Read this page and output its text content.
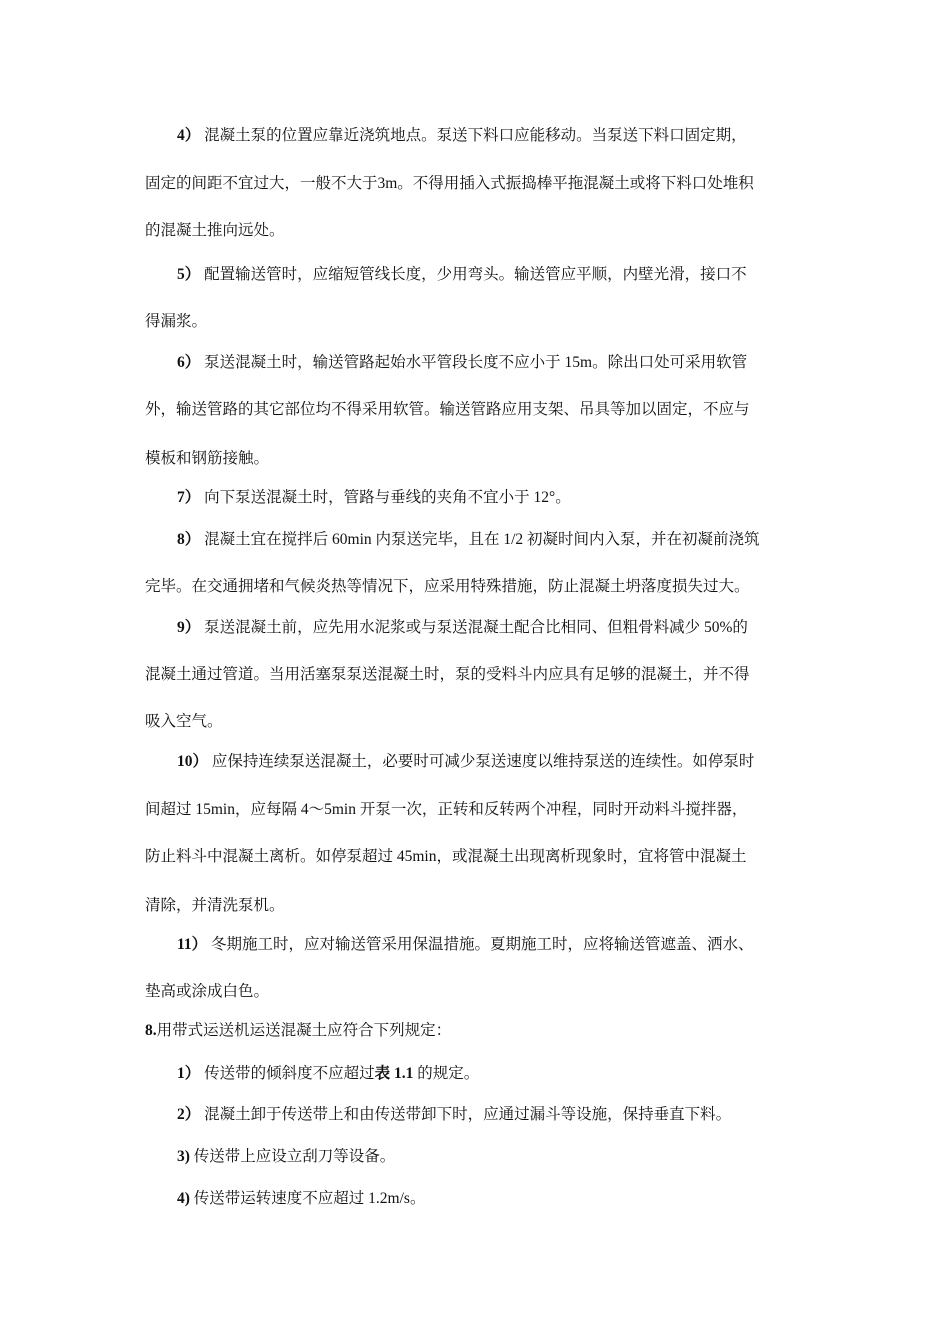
4） 混凝土泵的位置应靠近浇筑地点。泵送下料口应能移动。当泵送下料口固定期，
固定的间距不宜过大，一般不大于3m。不得用插入式振捣棒平拖混凝土或将下料口处堆积
的混凝土推向远处。
5） 配置输送管时，应缩短管线长度，少用弯头。输送管应平顺，内壁光滑，接口不
得漏浆。
6） 泵送混凝土时，输送管路起始水平管段长度不应小于 15m。除出口处可采用软管
外，输送管路的其它部位均不得采用软管。输送管路应用支架、吊具等加以固定，不应与
模板和钢筋接触。
7） 向下泵送混凝土时，管路与垂线的夹角不宜小于 12°。
8） 混凝土宜在搅拌后 60min 内泵送完毕，且在 1/2 初凝时间内入泵，并在初凝前浇筑
完毕。在交通拥堵和气候炎热等情况下，应采用特殊措施，防止混凝土坍落度损失过大。
9） 泵送混凝土前，应先用水泥浆或与泵送混凝土配合比相同、但粗骨料减少 50%的
混凝土通过管道。当用活塞泵泵送混凝土时，泵的受料斗内应具有足够的混凝土，并不得
吸入空气。
10） 应保持连续泵送混凝土，必要时可减少泵送速度以维持泵送的连续性。如停泵时
间超过 15min，应每隔 4～5min 开泵一次，正转和反转两个冲程，同时开动料斗搅拌器，
防止料斗中混凝土离析。如停泵超过 45min，或混凝土出现离析现象时，宜将管中混凝土
清除，并清洗泵机。
11） 冬期施工时，应对输送管采用保温措施。夏期施工时，应将输送管遮盖、洒水、
垫高或涂成白色。
8.用带式运送机运送混凝土应符合下列规定：
1） 传送带的倾斜度不应超过表 1.1 的规定。
2） 混凝土卸于传送带上和由传送带卸下时，应通过漏斗等设施，保持垂直下料。
3) 传送带上应设立刮刀等设备。
4) 传送带运转速度不应超过 1.2m/s。
